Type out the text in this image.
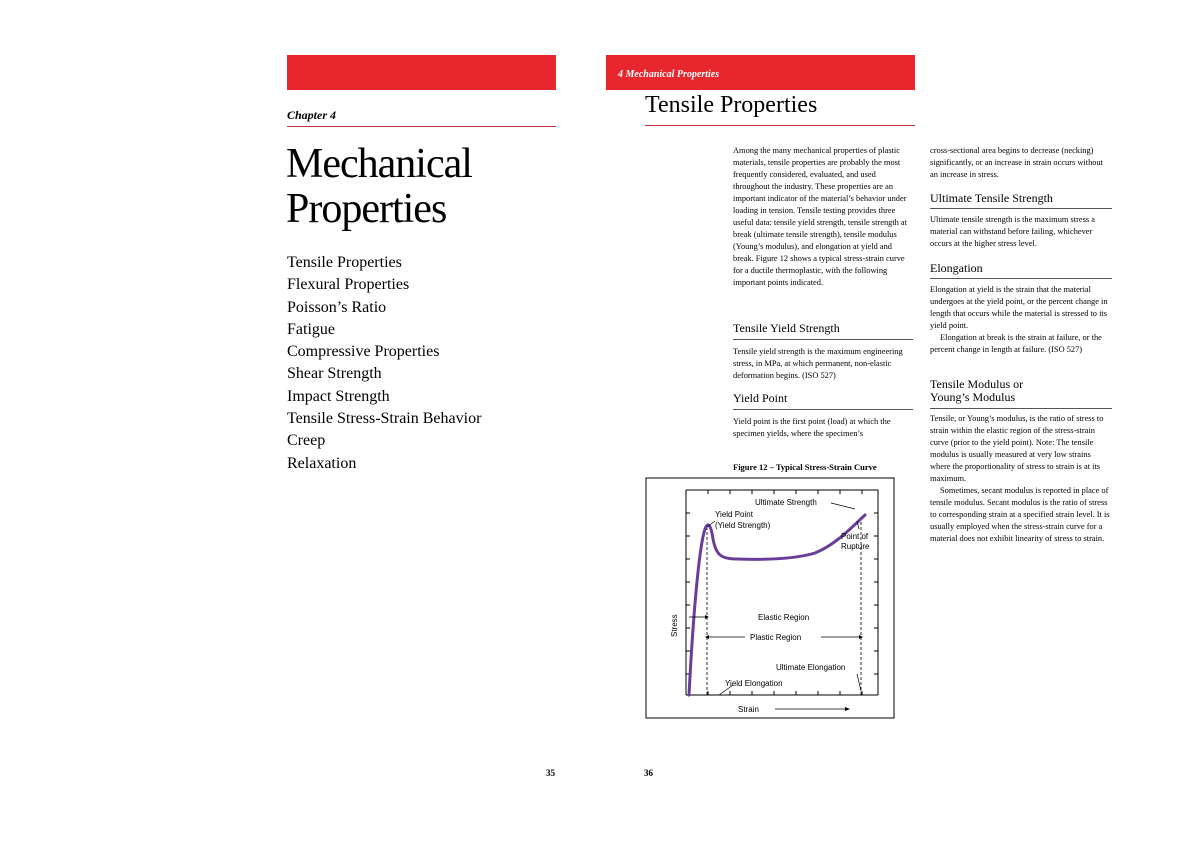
Chapter 4
Mechanical
Properties
Tensile Properties
Flexural Properties
Poisson’s Ratio
Fatigue
Compressive Properties
Shear Strength
Impact Strength
Tensile Stress-Strain Behavior
Creep
Relaxation
35
4 Mechanical Properties
Tensile Properties

Among the many mechanical properties of plastic materials, tensile properties are probably the most frequently considered, evaluated, and used throughout the industry. These properties are an important indicator of the material’s behavior under loading in tension. Tensile testing provides three useful data: tensile yield strength, tensile strength at break (ultimate tensile strength), tensile modulus (Young’s modulus), and elongation at yield and break. Figure 12 shows a typical stress-strain curve for a ductile thermoplastic, with the following important points indicated.

Tensile Yield Strength
Tensile yield strength is the maximum engineering stress, in MPa, at which permanent, non-elastic deformation begins. (ISO 527)
Yield Point
Yield point is the first point (load) at which the specimen yields, where the specimen’s
cross-sectional area begins to decrease (necking) significantly, or an increase in strain occurs without an increase in stress.
Ultimate Tensile Strength
Ultimate tensile strength is the maximum stress a material can withstand before failing, whichever occurs at the higher stress level.
Elongation

Elongation at yield is the strain that the material undergoes at the yield point, or the percent change in length that occurs while the material is stressed to its yield point.

Elongation at break is the strain at failure, or the percent change in length at failure. (ISO 527)

Tensile Modulus or
Young’s Modulus

Tensile, or Young’s modulus, is the ratio of stress to strain within the elastic region of the stress-strain curve (prior to the yield point). Note: The tensile modulus is usually measured at very low strains where the proportionality of stress to strain is at its maximum.

Sometimes, secant modulus is reported in place of tensile modulus. Secant modulus is the ratio of stress to corresponding strain at a specified strain level. It is usually employed when the stress-strain curve for a material does not exhibit linearity of stress to strain.

Figure 12 – Typical Stress-Strain Curve
Ultimate Strength
Yield Point
(Yield Strength)
Point of
Rupture
Elastic Region
Plastic Region
Ultimate Elongation
Yield Elongation
Strain
Stress
36
